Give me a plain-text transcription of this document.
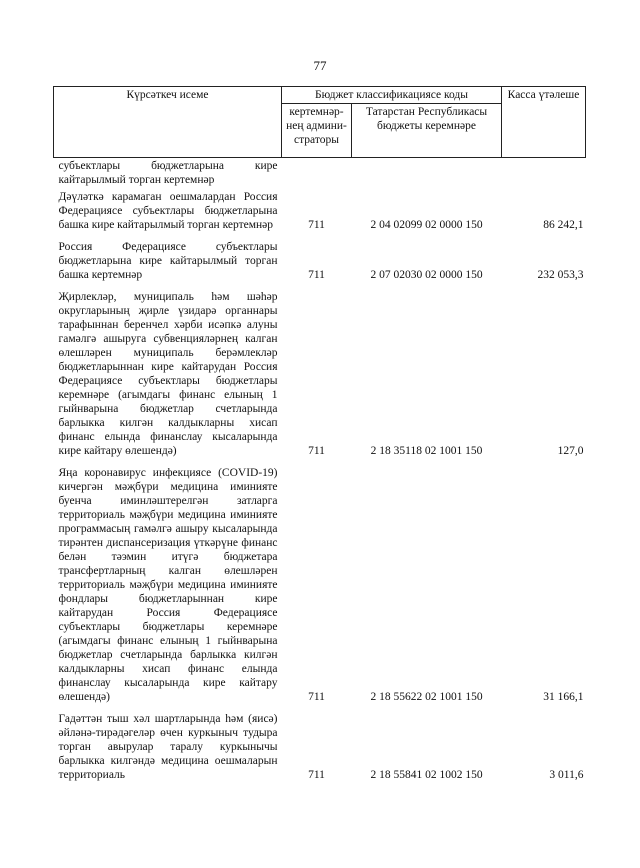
77
Күрсәткеч исеме	Бюджет классификациясе коды		Касса үтәлеше
	кертемнәр-нең админи-страторы	Татарстан Республикасы бюджеты керемнәре	
субъектлары бюджетларына кире кайтарылмый торган кертемнәр			
Дәүләткә карамаган оешмалардан Россия Федерациясе субъектлары бюджетларына башка кире кайтарылмый торган кертемнәр	711	2 04 02099 02 0000 150	86 242,1
Россия Федерациясе субъектлары бюджетларына кире кайтарылмый торган башка кертемнәр	711	2 07 02030 02 0000 150	232 053,3
Җирлекләр, муниципаль һәм шәһәр округларының җирле үзидарә органнары тарафыннан беренчел хәрби исәпкә алуны гамәлгә ашыруга субвенцияләрнең калган өлешләрен муниципаль берәмлекләр бюджетларыннан кире кайтарудан Россия Федерациясе субъектлары бюджетлары керемнәре (агымдагы финанс елының 1 гыйнварына бюджетлар счетларында барлыкка килгән калдыкларны хисап финанс елында финанслау кысаларында кире кайтару өлешендә)	711	2 18 35118 02 1001 150	127,0
Яңа коронавирус инфекциясе (COVID-19) кичергән мәҗбүри медицина иминияте буенча иминләштерелгән затларга территориаль мәҗбүри медицина иминияте программасың гамәлгә ашыру кысаларында тирәнтен диспансеризация үткәрүне финанс белән тәэмин итүгә бюджетара трансфертларның калган өлешләрен территориаль мәҗбүри медицина иминияте фондлары бюджетларыннан кире кайтарудан Россия Федерациясе субъектлары бюджетлары керемнәре (агымдагы финанс елының 1 гыйнварына бюджетлар счетларында барлыкка килгән калдыкларны хисап финанс елында финанслау кысаларында кире кайтару өлешендә)	711	2 18 55622 02 1001 150	31 166,1
Гадәттән тыш хәл шартларында һәм (яисә) әйләнә-тирәдәгеләр өчен куркыныч тудыра торган авырулар таралу куркынычы барлыкка килгәндә медицина оешмаларын территориаль	711	2 18 55841 02 1002 150	3 011,6
